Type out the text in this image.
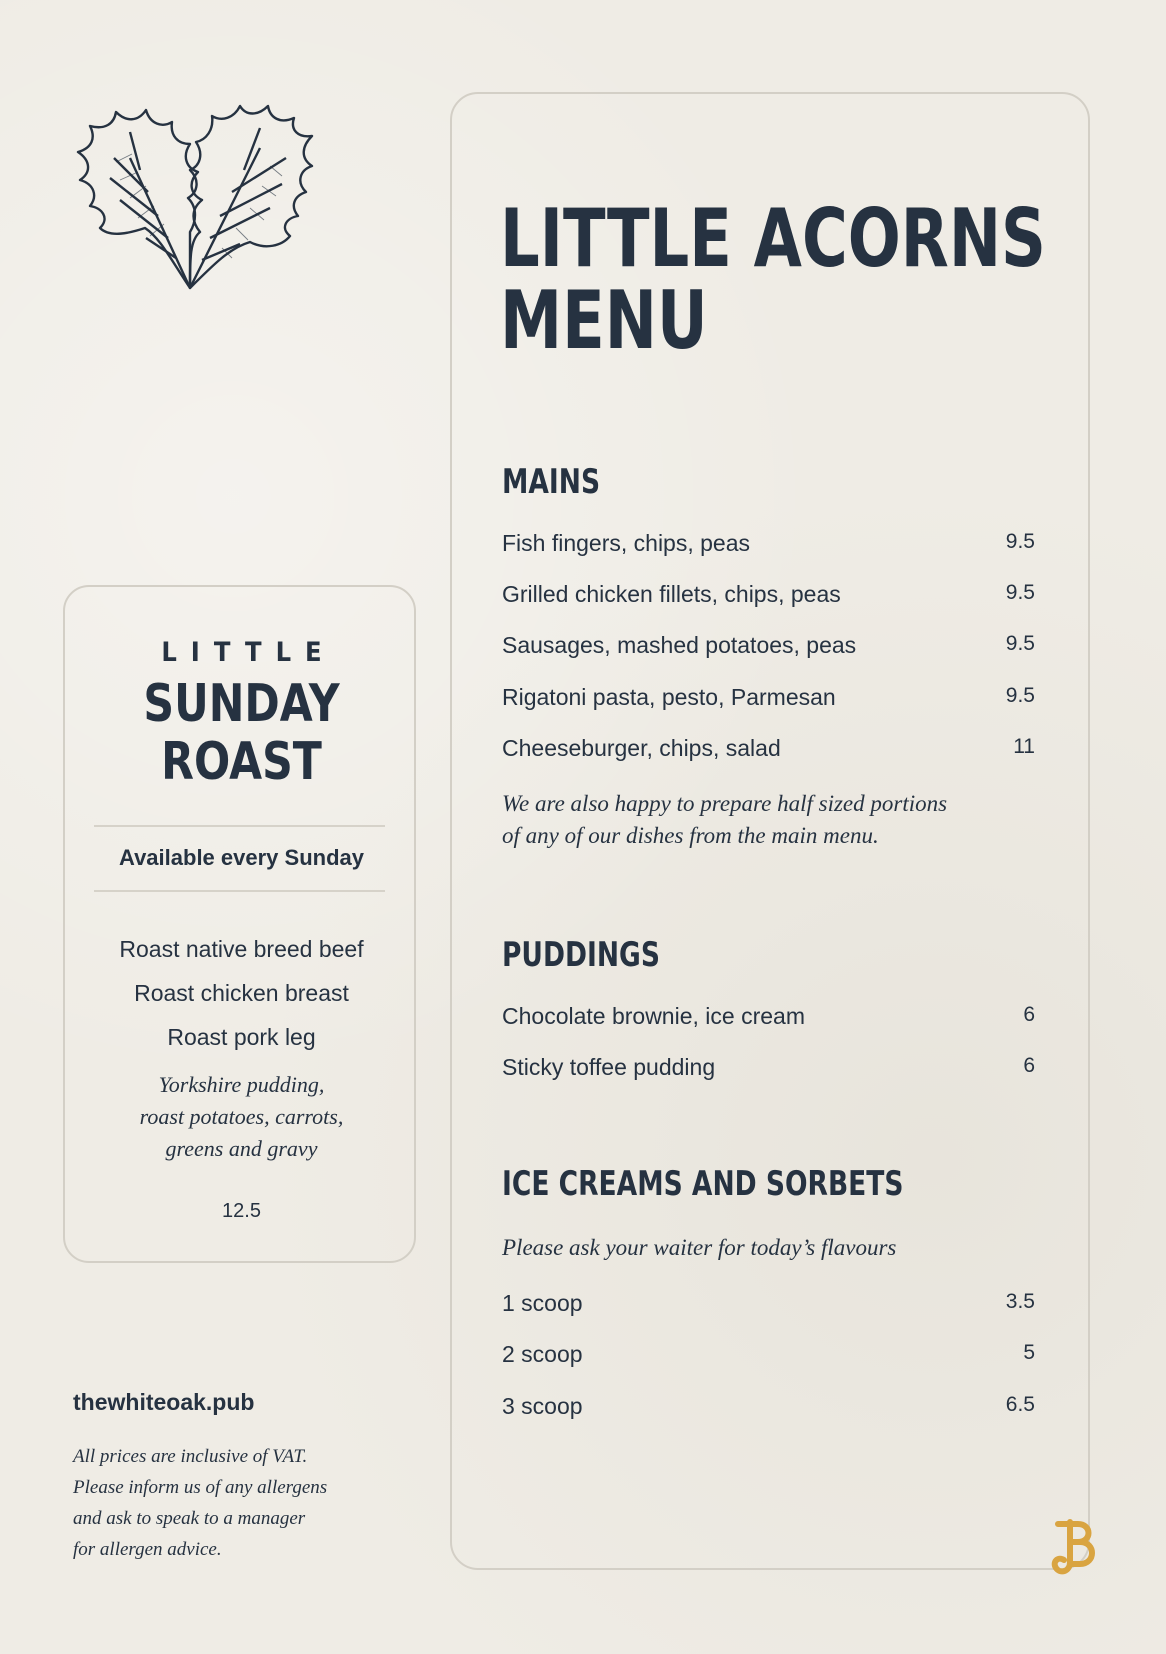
LITTLE
SUNDAY
ROAST
Available every Sunday
Roast native breed beef
Roast chicken breast
Roast pork leg
Yorkshire pudding,
roast potatoes, carrots,
greens and gravy
12.5
thewhiteoak.pub
All prices are inclusive of VAT.
Please inform us of any allergens
and ask to speak to a manager
for allergen advice.
LITTLE ACORNS
MENU
MAINS
Fish fingers, chips, peas	9.5
Grilled chicken fillets, chips, peas	9.5
Sausages, mashed potatoes, peas	9.5
Rigatoni pasta, pesto, Parmesan	9.5
Cheeseburger, chips, salad	11
We are also happy to prepare half sized portions
of any of our dishes from the main menu.
PUDDINGS
Chocolate brownie, ice cream	6
Sticky toffee pudding	6
ICE CREAMS AND SORBETS
Please ask your waiter for today’s flavours
1 scoop	3.5
2 scoop	5
3 scoop	6.5
